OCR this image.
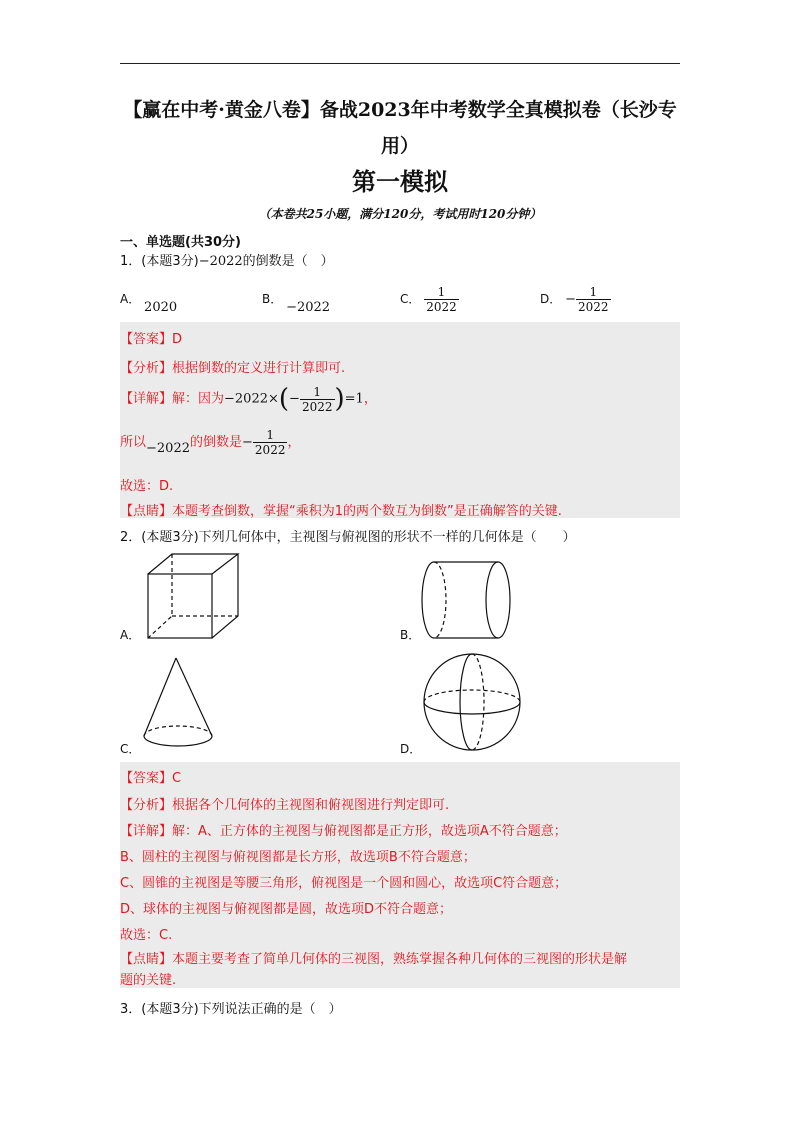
【赢在中考·黄金八卷】备战2023年中考数学全真模拟卷（长沙专
用）
第一模拟
（本卷共25小题，满分120分，考试用时120分钟）
一、单选题(共30分)
1．(本题3分)−2022的倒数是（　）
A． 2020
B． −2022
C． $\frac{1}{2022}$	D． − $\frac{1}{2022}$
【答案】D
【分析】根据倒数的定义进行计算即可.
【详解】解：因为$-2022\times(- \frac{1}{2022} )=1$，
所以−2022的倒数是− $\frac{1}{2022}$ ，
故选：D.
【点睛】本题考查倒数，掌握“乘积为1的两个数互为倒数”是正确解答的关键.
2．(本题3分)下列几何体中，主视图与俯视图的形状不一样的几何体是（　　）
A．	B．
C．	D．
【答案】C
【分析】根据各个几何体的主视图和俯视图进行判定即可.
【详解】解：A、正方体的主视图与俯视图都是正方形，故选项A不符合题意；
B、圆柱的主视图与俯视图都是长方形，故选项B不符合题意；
C、圆锥的主视图是等腰三角形，俯视图是一个圆和圆心，故选项C符合题意；
D、球体的主视图与俯视图都是圆，故选项D不符合题意；
故选：C.
【点睛】本题主要考查了简单几何体的三视图，熟练掌握各种几何体的三视图的形状是解
题的关键.
3．(本题3分)下列说法正确的是（　）
